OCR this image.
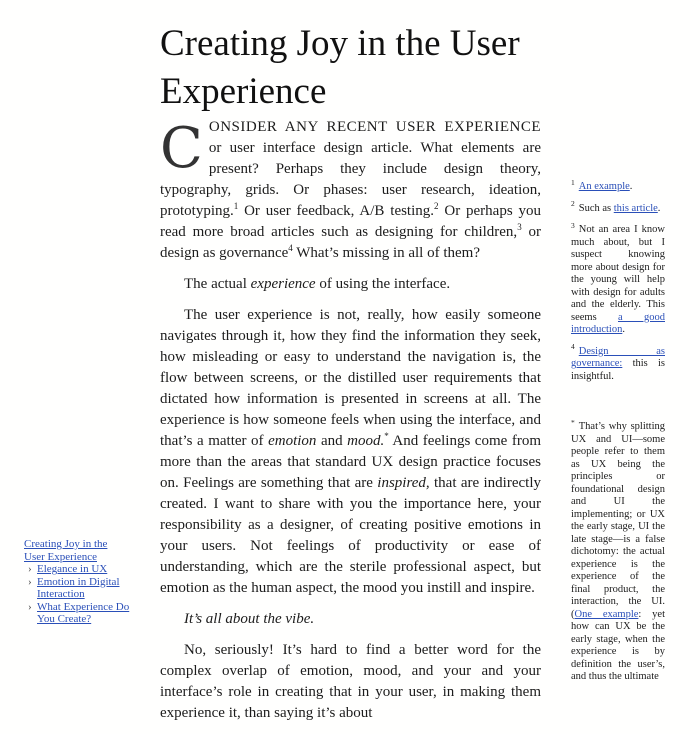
Creating Joy in the User Experience

CONSIDER ANY RECENT USER EXPERIENCE or user interface design article. What elements are present? Perhaps they include design theory, typography, grids. Or phases: user research, ideation, prototyping.$^1$ Or user feedback, A/B testing.$^2$ Or perhaps you read more broad articles such as designing for children,$^3$ or design as governance$^4$ What’s missing in all of them?

The actual experience of using the interface.

The user experience is not, really, how easily someone navigates through it, how they find the information they seek, how misleading or easy to understand the navigation is, the flow between screens, or the distilled user requirements that dictated how information is presented in screens at all. The experience is how someone feels when using the interface, and that’s a matter of emotion and mood.* And feelings come from more than the areas that standard UX design practice focuses on. Feelings are something that are inspired, that are indirectly created. I want to share with you the importance here, your responsibility as a designer, of creating positive emotions in your users. Not feelings of productivity or ease of understanding, which are the sterile professional aspect, but emotion as the human aspect, the mood you instill and inspire.

It’s all about the vibe.

No, seriously! It’s hard to find a better word for the complex overlap of emotion, mood, and your and your interface’s role in creating that in your user, in making them experience it, than saying it’s about

$^1$ An example.
$^2$ Such as this article.
$^3$ Not an area I know much about, but I suspect knowing more about design for the young will help with design for adults and the elderly. This seems a good introduction.
$^4$ Design as governance: this is insightful.
* That’s why splitting UX and UI—some people refer to them as UX being the principles or foundational design and UI the implementing; or UX the early stage, UI the late stage—is a false dichotomy: the actual experience is the experience of the final product, the interaction, the UI. (One example: yet how can UX be the early stage, when the experience is by definition the user’s, and thus the ultimate
Creating Joy in the User Experience
› Elegance in UX
› Emotion in Digital Interaction
› What Experience Do You Create?
